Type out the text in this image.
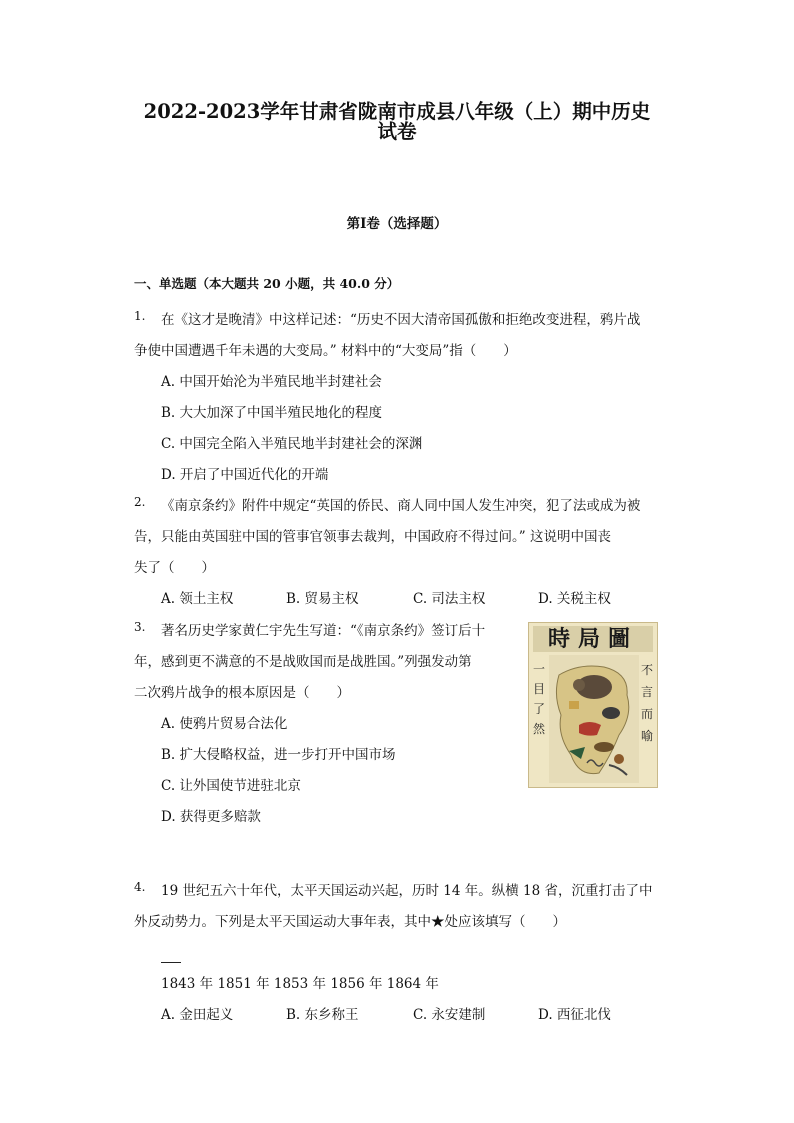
2022-2023学年甘肃省陇南市成县八年级（上）期中历史
试卷
第I卷（选择题）
一、单选题（本大题共 20 小题，共 40.0 分）
1.	在《这才是晚清》中这样记述：“历史不因大清帝国孤傲和拒绝改变进程，鸦片战
争使中国遭遇千年未遇的大变局。” 材料中的“大变局”指（　　）
A. 中国开始沦为半殖民地半封建社会
B. 大大加深了中国半殖民地化的程度
C. 中国完全陷入半殖民地半封建社会的深渊
D. 开启了中国近代化的开端
2.	《南京条约》附件中规定“英国的侨民、商人同中国人发生冲突，犯了法或成为被
告，只能由英国驻中国的管事官领事去裁判，中国政府不得过问。” 这说明中国丧
失了（　　）
A. 领土主权	B. 贸易主权	C. 司法主权	D. 关税主权
3.	著名历史学家黄仁宇先生写道：“《南京条约》签订后十
年，感到更不满意的不是战败国而是战胜国。”列强发动第
二次鸦片战争的根本原因是（　　）
A. 使鸦片贸易合法化
B. 扩大侵略权益，进一步打开中国市场
C. 让外国使节进驻北京
D. 获得更多赔款
時局圖
一目了然
不言而喻
4.	19 世纪五六十年代，太平天国运动兴起，历时 14 年。纵横 18 省，沉重打击了中
外反动势力。下列是太平天国运动大事年表，其中★处应该填写（　　）
1843 年 1851 年 1853 年 1856 年 1864 年
A. 金田起义	B. 东乡称王	C. 永安建制	D. 西征北伐
